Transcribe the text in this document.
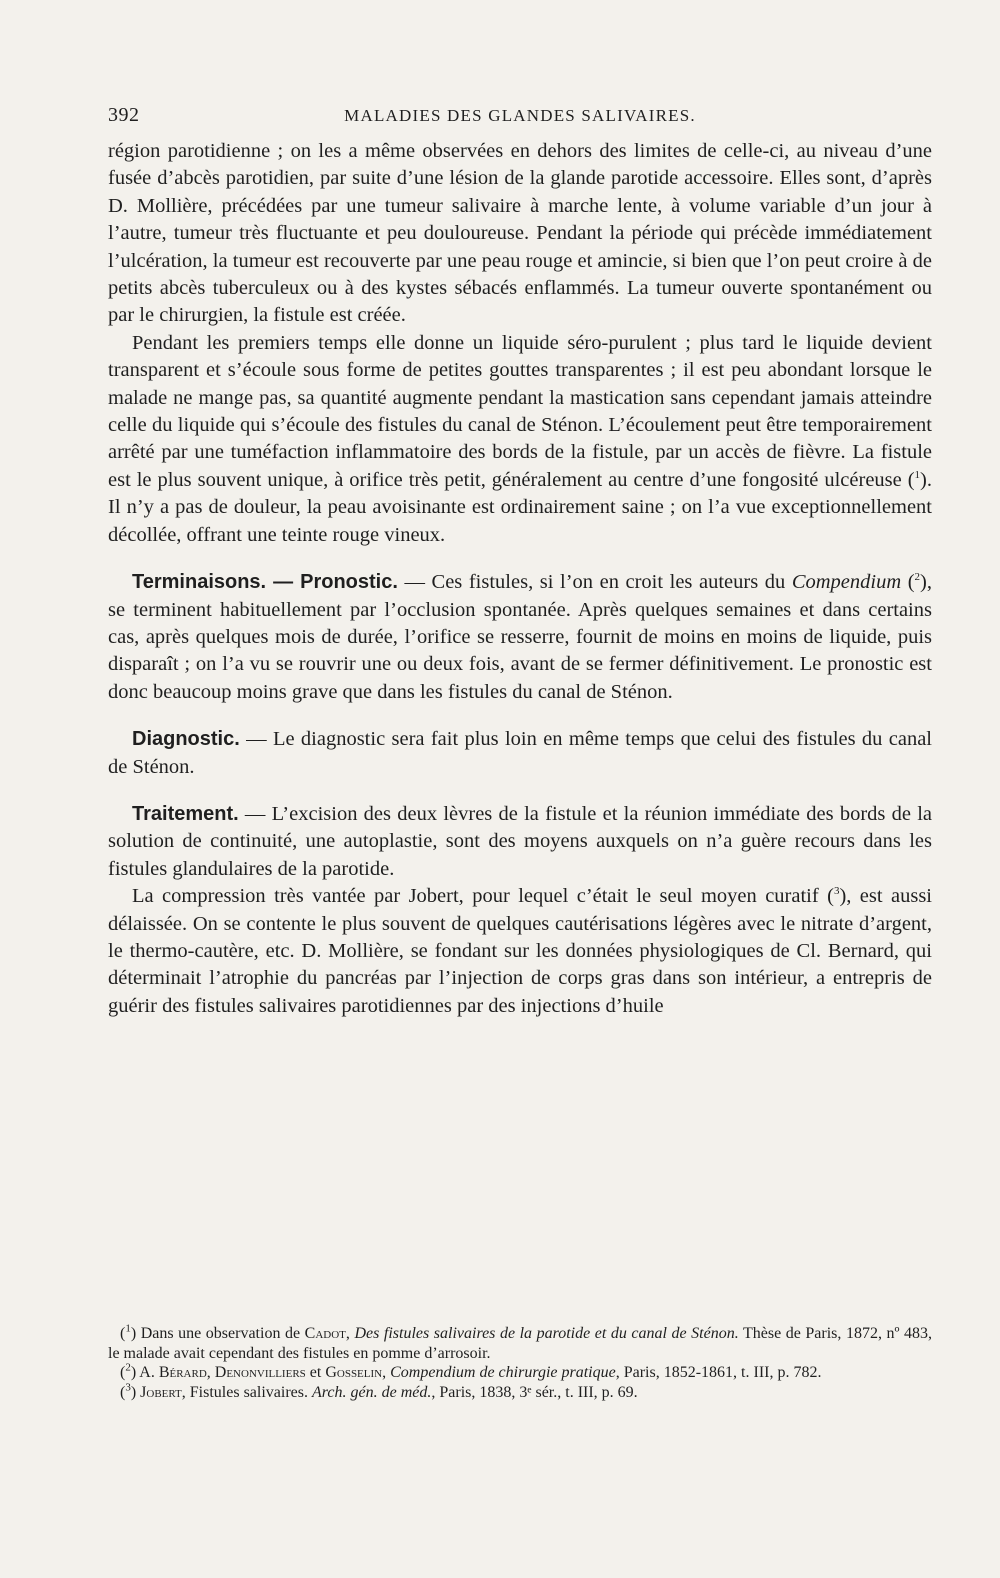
392	MALADIES DES GLANDES SALIVAIRES.

région parotidienne ; on les a même observées en dehors des limites de celle-ci, au niveau d’une fusée d’abcès parotidien, par suite d’une lésion de la glande parotide accessoire. Elles sont, d’après D. Mollière, précédées par une tumeur salivaire à marche lente, à volume variable d’un jour à l’autre, tumeur très fluctuante et peu douloureuse. Pendant la période qui précède immédiatement l’ulcération, la tumeur est recouverte par une peau rouge et amincie, si bien que l’on peut croire à de petits abcès tuberculeux ou à des kystes sébacés enflammés. La tumeur ouverte spontanément ou par le chirurgien, la fistule est créée.

Pendant les premiers temps elle donne un liquide séro-purulent ; plus tard le liquide devient transparent et s’écoule sous forme de petites gouttes transparentes ; il est peu abondant lorsque le malade ne mange pas, sa quantité augmente pendant la mastication sans cependant jamais atteindre celle du liquide qui s’écoule des fistules du canal de Sténon. L’écoulement peut être temporairement arrêté par une tuméfaction inflammatoire des bords de la fistule, par un accès de fièvre. La fistule est le plus souvent unique, à orifice très petit, généralement au centre d’une fongosité ulcéreuse ($^1$). Il n’y a pas de douleur, la peau avoisinante est ordinairement saine ; on l’a vue exceptionnellement décollée, offrant une teinte rouge vineux.

Terminaisons. — Pronostic. — Ces fistules, si l’on en croit les auteurs du Compendium ($^2$), se terminent habituellement par l’occlusion spontanée. Après quelques semaines et dans certains cas, après quelques mois de durée, l’orifice se resserre, fournit de moins en moins de liquide, puis disparaît ; on l’a vu se rouvrir une ou deux fois, avant de se fermer définitivement. Le pronostic est donc beaucoup moins grave que dans les fistules du canal de Sténon.

Diagnostic. — Le diagnostic sera fait plus loin en même temps que celui des fistules du canal de Sténon.

Traitement. — L’excision des deux lèvres de la fistule et la réunion immédiate des bords de la solution de continuité, une autoplastie, sont des moyens auxquels on n’a guère recours dans les fistules glandulaires de la parotide.

La compression très vantée par Jobert, pour lequel c’était le seul moyen curatif ($^3$), est aussi délaissée. On se contente le plus souvent de quelques cautérisations légères avec le nitrate d’argent, le thermo-cautère, etc. D. Mollière, se fondant sur les données physiologiques de Cl. Bernard, qui déterminait l’atrophie du pancréas par l’injection de corps gras dans son intérieur, a entrepris de guérir des fistules salivaires parotidiennes par des injections d’huile

($^1$) Dans une observation de Cadot, Des fistules salivaires de la parotide et du canal de Sténon. Thèse de Paris, 1872, nº 483, le malade avait cependant des fistules en pomme d’arrosoir.

($^2$) A. Bérard, Denonvilliers et Gosselin, Compendium de chirurgie pratique, Paris, 1852-1861, t. III, p. 782.

($^3$) Jobert, Fistules salivaires. Arch. gén. de méd., Paris, 1838, 3ᵉ sér., t. III, p. 69.
